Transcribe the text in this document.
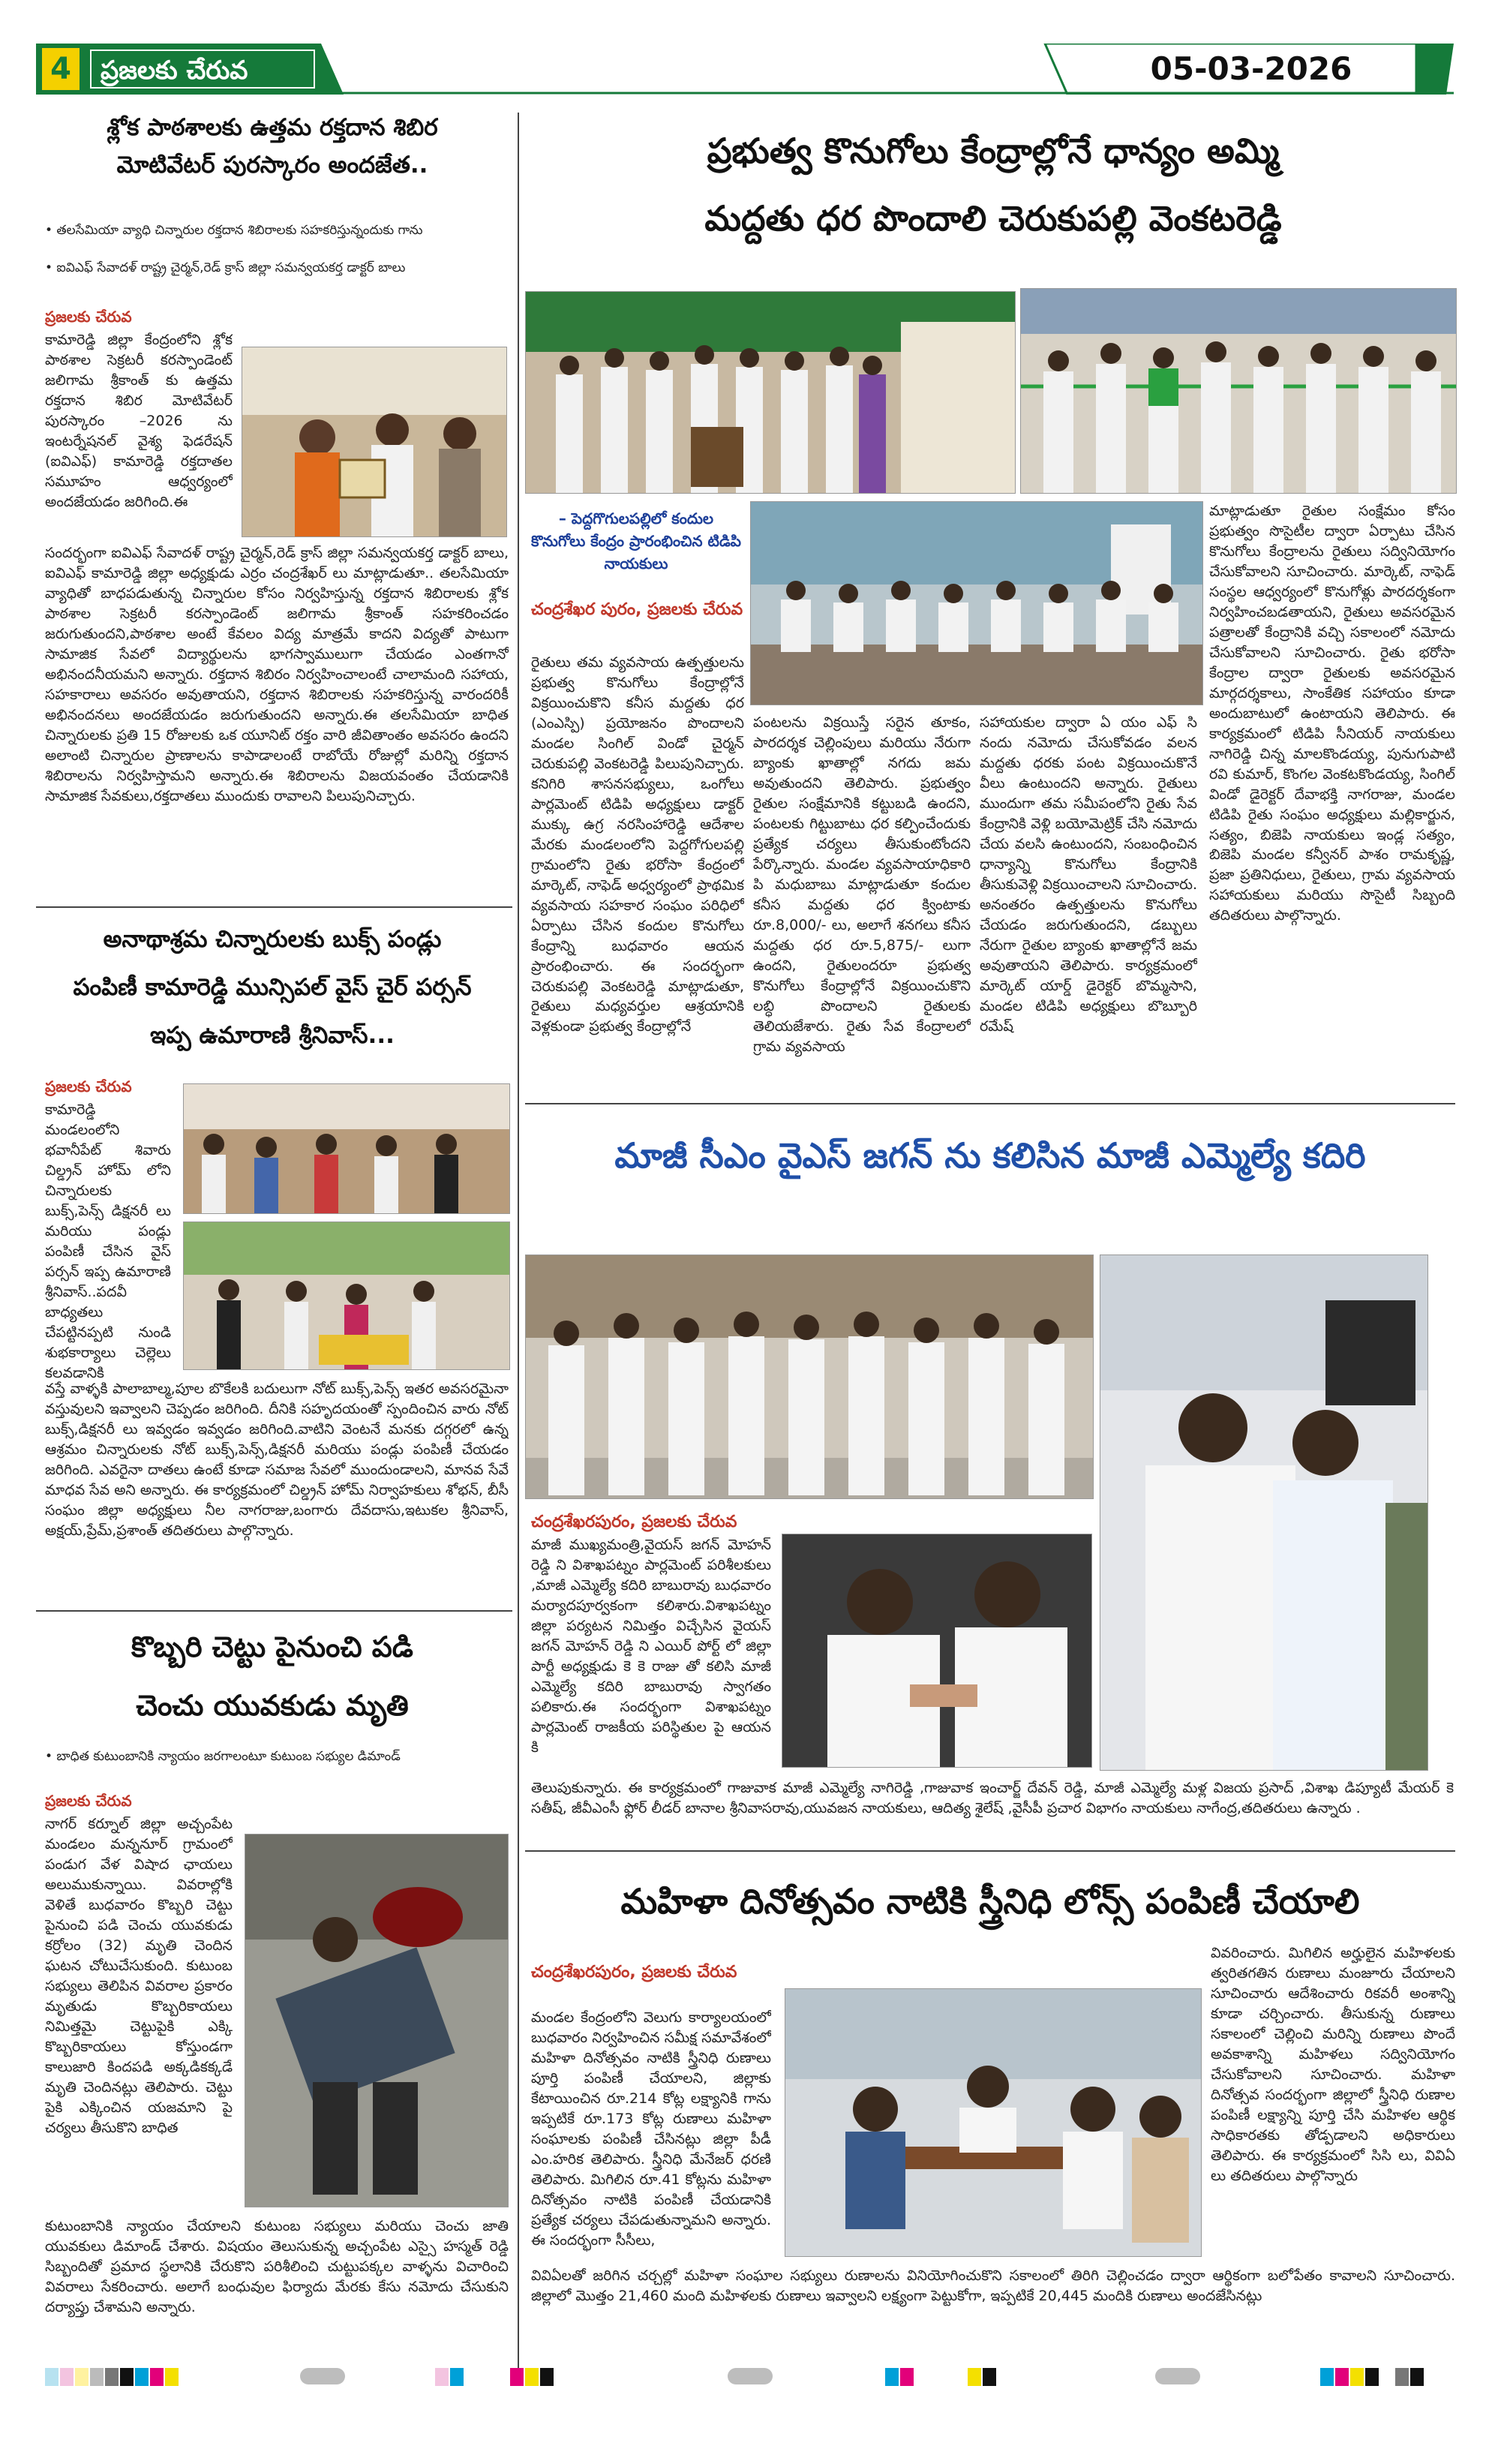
4	ప్రజలకు చేరువ	05-03-2026
శ్లోక పాఠశాలకు ఉత్తమ రక్తదాన శిబిర
మోటివేటర్ పురస్కారం అందజేత..
• తలసేమియా వ్యాధి చిన్నారుల రక్తదాన శిబిరాలకు సహకరిస్తున్నందుకు గాను
• ఐవిఎఫ్ సేవాదళ్ రాష్ట్ర చైర్మన్,రెడ్ క్రాస్ జిల్లా సమన్వయకర్త డాక్టర్ బాలు
ప్రజలకు చేరువ
కామారెడ్డి జిల్లా కేంద్రంలోని శ్లోక పాఠశాల సెక్రటరీ కరస్పాండెంట్ జలిగామ శ్రీకాంత్ కు ఉత్తమ రక్తదాన శిబిర మోటివేటర్ పురస్కారం –2026 ను ఇంటర్నేషనల్ వైశ్య ఫెడరేషన్ (ఐవిఎఫ్) కామారెడ్డి రక్తదాతల సమూహం ఆధ్వర్యంలో అందజేయడం జరిగింది.ఈ
సందర్భంగా ఐవిఎఫ్ సేవాదళ్ రాష్ట్ర చైర్మన్,రెడ్ క్రాస్ జిల్లా సమన్వయకర్త డాక్టర్ బాలు, ఐవిఎఫ్ కామారెడ్డి జిల్లా అధ్యక్షుడు ఎర్రం చంద్రశేఖర్ లు మాట్లాడుతూ.. తలసేమియా వ్యాధితో బాధపడుతున్న చిన్నారుల కోసం నిర్వహిస్తున్న రక్తదాన శిబిరాలకు శ్లోక పాఠశాల సెక్రటరీ కరస్పాండెంట్ జలిగామ శ్రీకాంత్ సహకరించడం జరుగుతుందని,పాఠశాల అంటే కేవలం విద్య మాత్రమే కాదని విద్యతో పాటుగా సామాజిక సేవలో విద్యార్థులను భాగస్వాములుగా చేయడం ఎంతగానో అభినందనీయమని అన్నారు. రక్తదాన శిబిరం నిర్వహించాలంటే చాలామంది సహాయ, సహకారాలు అవసరం అవుతాయని, రక్తదాన శిబిరాలకు సహకరిస్తున్న వారందరికీ అభినందనలు అందజేయడం జరుగుతుందని అన్నారు.ఈ తలసేమియా బాధిత చిన్నారులకు ప్రతి 15 రోజులకు ఒక యూనిట్ రక్తం వారి జీవితాంతం అవసరం ఉందని అలాంటి చిన్నారుల ప్రాణాలను కాపాడాలంటే రాబోయే రోజుల్లో మరిన్ని రక్తదాన శిబిరాలను నిర్వహిస్తామని అన్నారు.ఈ శిబిరాలను విజయవంతం చేయడానికి సామాజిక సేవకులు,రక్తదాతలు ముందుకు రావాలని పిలుపునిచ్చారు.
అనాథాశ్రమ చిన్నారులకు బుక్స్ పండ్లు
పంపిణీ కామారెడ్డి మున్సిపల్ వైస్ చైర్ పర్సన్
ఇప్ప ఉమారాణి శ్రీనివాస్...
ప్రజలకు చేరువ
కామారెడ్డి మండలంలోని భవానీపేట్ శివారు చిల్డ్రన్ హోమ్ లోని చిన్నారులకు బుక్స్,పెన్స్ డిక్షనరీ లు మరియు పండ్లు పంపిణీ చేసిన వైస్ పర్సన్ ఇప్ప ఉమారాణి శ్రీనివాస్..పదవీ బాధ్యతలు చేపట్టినప్పటి నుండి శుభకార్యాలు చెల్లెలు కలవడానికి
వస్తే వాళ్ళకి పాలాబాల్మ,పూల బొకేలకి బదులుగా నోట్ బుక్స్,పెన్స్ ఇతర అవసరమైనా వస్తువులని ఇవ్వాలని చెప్పడం జరిగింది. దీనికి సహృదయంతో స్పందించిన వారు నోట్ బుక్స్,డిక్షనరీ లు ఇవ్వడం ఇవ్వడం జరిగింది.వాటిని వెంటనే మనకు దగ్గరలో ఉన్న ఆశ్రమం చిన్నారులకు నోట్ బుక్స్,పెన్స్,డిక్షనరీ మరియు పండ్లు పంపిణీ చేయడం జరిగింది. ఎవరైనా దాతలు ఉంటే కూడా సమాజ సేవలో ముందుండాలని, మానవ సేవే మాధవ సేవ అని అన్నారు. ఈ కార్యక్రమంలో చిల్డ్రన్ హోమ్ నిర్వాహకులు శోభన్, బీసీ సంఘం జిల్లా అధ్యక్షులు నీల నాగరాజు,బంగారు దేవదాసు,ఇటుకల శ్రీనివాస్, అక్షయ్,ప్రేమ్,ప్రశాంత్ తదితరులు పాల్గొన్నారు.
కొబ్బరి చెట్టు పైనుంచి పడి
చెంచు యువకుడు మృతి
• బాధిత కుటుంబానికి న్యాయం జరగాలంటూ కుటుంబ సభ్యుల డిమాండ్
ప్రజలకు చేరువ
నాగర్ కర్నూల్ జిల్లా అచ్చంపేట మండలం మన్ననూర్ గ్రామంలో పండుగ వేళ విషాద ఛాయలు అలుముకున్నాయి. వివరాల్లోకి వెళితే బుధవారం కొబ్బరి చెట్టు పైనుంచి పడి చెంచు యువకుడు కర్రోలం (32) మృతి చెందిన ఘటన చోటుచేసుకుంది. కుటుంబ సభ్యులు తెలిపిన వివరాల ప్రకారం మృతుడు కొబ్బరికాయలు నిమిత్తమై చెట్టుపైకి ఎక్కి కొబ్బరికాయలు కోస్తుండగా కాలుజారి కిందపడి అక్కడికక్కడే మృతి చెందినట్లు తెలిపారు. చెట్టు పైకి ఎక్కించిన యజమాని పై చర్యలు తీసుకొని బాధిత
కుటుంబానికి న్యాయం చేయాలని కుటుంబ సభ్యులు మరియు చెంచు జాతి యువకులు డిమాండ్ చేశారు. విషయం తెలుసుకున్న అచ్చంపేట ఎస్సై హస్మత్ రెడ్డి సిబ్బందితో ప్రమాద స్థలానికి చేరుకొని పరిశీలించి చుట్టుపక్కల వాళ్ళను విచారించి వివరాలు సేకరించారు. అలాగే బంధువుల ఫిర్యాదు మేరకు కేసు నమోదు చేసుకుని దర్యాప్తు చేశామని అన్నారు.
ప్రభుత్వ కొనుగోలు కేంద్రాల్లోనే ధాన్యం అమ్మి
మద్దతు ధర పొందాలి చెరుకుపల్లి వెంకటరెడ్డి
– పెద్దగొగులపల్లిలో కందుల కొనుగోలు కేంద్రం ప్రారంభించిన టిడిపి నాయకులు
చంద్రశేఖర పురం, ప్రజలకు చేరువ
రైతులు తమ వ్యవసాయ ఉత్పత్తులను ప్రభుత్వ కొనుగోలు కేంద్రాల్లోనే విక్రయించుకొని కనీస మద్దతు ధర (ఎంఎస్పి) ప్రయోజనం పొందాలని మండల సింగిల్ విండో చైర్మన్ చెరుకుపల్లి వెంకటరెడ్డి పిలుపునిచ్చారు. కనిగిరి శాసనసభ్యులు, ఒంగోలు పార్లమెంట్ టిడిపి అధ్యక్షులు డాక్టర్ ముక్కు ఉగ్ర నరసింహారెడ్డి ఆదేశాల మేరకు మండలంలోని పెద్దగోగులపల్లి గ్రామంలోని రైతు భరోసా కేంద్రంలో మార్కెట్, నాఫెడ్ అధ్వర్యంలో ప్రాథమిక వ్యవసాయ సహకార సంఘం పరిధిలో ఏర్పాటు చేసిన కందుల కొనుగోలు కేంద్రాన్ని బుధవారం ఆయన ప్రారంభించారు. ఈ సందర్భంగా చెరుకుపల్లి వెంకటరెడ్డి మాట్లాడుతూ, రైతులు మధ్యవర్తుల ఆశ్రయానికి వెళ్లకుండా ప్రభుత్వ కేంద్రాల్లోనే
పంటలను విక్రయిస్తే సరైన తూకం, పారదర్శక చెల్లింపులు మరియు నేరుగా బ్యాంకు ఖాతాల్లో నగదు జమ అవుతుందని తెలిపారు. ప్రభుత్వం రైతుల సంక్షేమానికి కట్టుబడి ఉందని, పంటలకు గిట్టుబాటు ధర కల్పించేందుకు ప్రత్యేక చర్యలు తీసుకుంటోందని పేర్కొన్నారు. మండల వ్యవసాయాధికారి పి మధుబాబు మాట్లాడుతూ కందుల కనీస మద్దతు ధర క్వింటాకు రూ.8,000/- లు, అలాగే శనగలు కనీస మద్దతు ధర రూ.5,875/- లుగా ఉందని, రైతులందరూ ప్రభుత్వ కొనుగోలు కేంద్రాల్లోనే విక్రయించుకొని లబ్ధి పొందాలని రైతులకు తెలియజేశారు. రైతు సేవ కేంద్రాలలో గ్రామ వ్యవసాయ
సహాయకుల ద్వారా ఏ యం ఎఫ్ సి నందు నమోదు చేసుకోవడం వలన మద్దతు ధరకు పంట విక్రయించుకొనే వీలు ఉంటుందని అన్నారు. రైతులు ముందుగా తమ సమీపంలోని రైతు సేవ కేంద్రానికి వెళ్లి బయోమెట్రిక్ చేసి నమోదు చేయ వలసి ఉంటుందని, సంబంధించిన ధాన్యాన్ని కొనుగోలు కేంద్రానికి తీసుకువెళ్లి విక్రయించాలని సూచించారు. అనంతరం ఉత్పత్తులను కొనుగోలు చేయడం జరుగుతుందని, డబ్బులు నేరుగా రైతుల బ్యాంకు ఖాతాల్లోనే జమ అవుతాయని తెలిపారు. కార్యక్రమంలో మార్కెట్ యార్డ్ డైరెక్టర్ బొమ్మసాని, మండల టిడిపి అధ్యక్షులు బొబ్బూరి రమేష్
మాట్లాడుతూ రైతుల సంక్షేమం కోసం ప్రభుత్వం సొసైటీల ద్వారా ఏర్పాటు చేసిన కొనుగోలు కేంద్రాలను రైతులు సద్వినియోగం చేసుకోవాలని సూచించారు. మార్కెట్, నాఫెడ్ సంస్థల ఆధ్వర్యంలో కొనుగోళ్లు పారదర్శకంగా నిర్వహించబడతాయని, రైతులు అవసరమైన పత్రాలతో కేంద్రానికి వచ్చి సకాలంలో నమోదు చేసుకోవాలని సూచించారు. రైతు భరోసా కేంద్రాల ద్వారా రైతులకు అవసరమైన మార్గదర్శకాలు, సాంకేతిక సహాయం కూడా అందుబాటులో ఉంటాయని తెలిపారు. ఈ కార్యక్రమంలో టిడిపి సీనియర్ నాయకులు నాగిరెడ్డి చిన్న మాలకొండయ్య, పునుగుపాటి రవి కుమార్, కొంగల వెంకటకొండయ్య, సింగిల్ విండో డైరెక్టర్ దేవాభక్తి నాగరాజు, మండల టిడిపి రైతు సంఘం అధ్యక్షులు మల్లికార్జున, సత్యం, బిజెపి నాయకులు ఇండ్ల సత్యం, బిజెపి మండల కన్వీనర్ పాశం రామకృష్ణ, ప్రజా ప్రతినిధులు, రైతులు, గ్రామ వ్యవసాయ సహాయకులు మరియు సొసైటీ సిబ్బంది తదితరులు పాల్గొన్నారు.
మాజీ సీఎం వైఎస్ జగన్ ను కలిసిన మాజీ ఎమ్మెల్యే కదిరి
చంద్రశేఖరపురం, ప్రజలకు చేరువ
మాజీ ముఖ్యమంత్రి,వైయస్ జగన్ మోహన్ రెడ్డి ని విశాఖపట్నం పార్లమెంట్ పరిశీలకులు ,మాజీ ఎమ్మెల్యే కదిరి బాబురావు బుధవారం మర్యాదపూర్వకంగా కలిశారు.విశాఖపట్నం జిల్లా పర్యటన నిమిత్తం విచ్చేసిన వైయస్ జగన్ మోహన్ రెడ్డి ని ఎయిర్ పోర్ట్ లో జిల్లా పార్టీ అధ్యక్షుడు కె కె రాజు తో కలిసి మాజీ ఎమ్మెల్యే కదిరి బాబురావు స్వాగతం పలికారు.ఈ సందర్భంగా విశాఖపట్నం పార్లమెంట్ రాజకీయ పరిస్థితుల పై ఆయన కి
తెలుపుకున్నారు. ఈ కార్యక్రమంలో గాజువాక మాజీ ఎమ్మెల్యే నాగిరెడ్డి ,గాజువాక ఇంచార్జ్ దేవన్ రెడ్డి, మాజీ ఎమ్మెల్యే మళ్ల విజయ ప్రసాద్ ,విశాఖ డిప్యూటీ మేయర్ కె సతీష్, జీవీఎంసీ ఫ్లోర్ లీడర్ బానాల శ్రీనివాసరావు,యువజన నాయకులు, ఆదిత్య శైలేష్ ,వైసీపీ ప్రచార విభాగం నాయకులు నాగేంద్ర,తదితరులు ఉన్నారు .
మహిళా దినోత్సవం నాటికి స్త్రీనిధి లోన్స్ పంపిణీ చేయాలి
చంద్రశేఖరపురం, ప్రజలకు చేరువ
మండల కేంద్రంలోని వెలుగు కార్యాలయంలో బుధవారం నిర్వహించిన సమీక్ష సమావేశంలో మహిళా దినోత్సవం నాటికి స్త్రీనిధి రుణాలు పూర్తి పంపిణీ చేయాలని, జిల్లాకు కేటాయించిన రూ.214 కోట్ల లక్ష్యానికి గాను ఇప్పటికే రూ.173 కోట్ల రుణాలు మహిళా సంఘాలకు పంపిణీ చేసినట్లు జిల్లా పీడీ ఎం.హరిక తెలిపారు. స్త్రీనిధి మేనేజర్ ధరణి తెలిపారు. మిగిలిన రూ.41 కోట్లను మహిళా దినోత్సవం నాటికి పంపిణీ చేయడానికి ప్రత్యేక చర్యలు చేపడుతున్నామని అన్నారు. ఈ సందర్భంగా సీసీలు,
వివరించారు. మిగిలిన అర్హులైన మహిళలకు త్వరితగతిన రుణాలు మంజూరు చేయాలని సూచించారు ఆదేశించారు రికవరీ అంశాన్ని కూడా చర్చించారు. తీసుకున్న రుణాలు సకాలంలో చెల్లించి మరిన్ని రుణాలు పొందే అవకాశాన్ని మహిళలు సద్వినియోగం చేసుకోవాలని సూచించారు. మహిళా దినోత్సవ సందర్భంగా జిల్లాలో స్త్రీనిధి రుణాల పంపిణీ లక్ష్యాన్ని పూర్తి చేసి మహిళల ఆర్థిక సాధికారతకు తోడ్పడాలని అధికారులు తెలిపారు. ఈ కార్యక్రమంలో సిసి లు, వివిఏ లు తదితరులు పాల్గొన్నారు
వివిఏలతో జరిగిన చర్చల్లో మహిళా సంఘాల సభ్యులు రుణాలను వినియోగించుకొని సకాలంలో తిరిగి చెల్లించడం ద్వారా ఆర్థికంగా బలోపేతం కావాలని సూచించారు. జిల్లాలో మొత్తం 21,460 మంది మహిళలకు రుణాలు ఇవ్వాలని లక్ష్యంగా పెట్టుకోగా, ఇప్పటికే 20,445 మందికి రుణాలు అందజేసినట్లు
